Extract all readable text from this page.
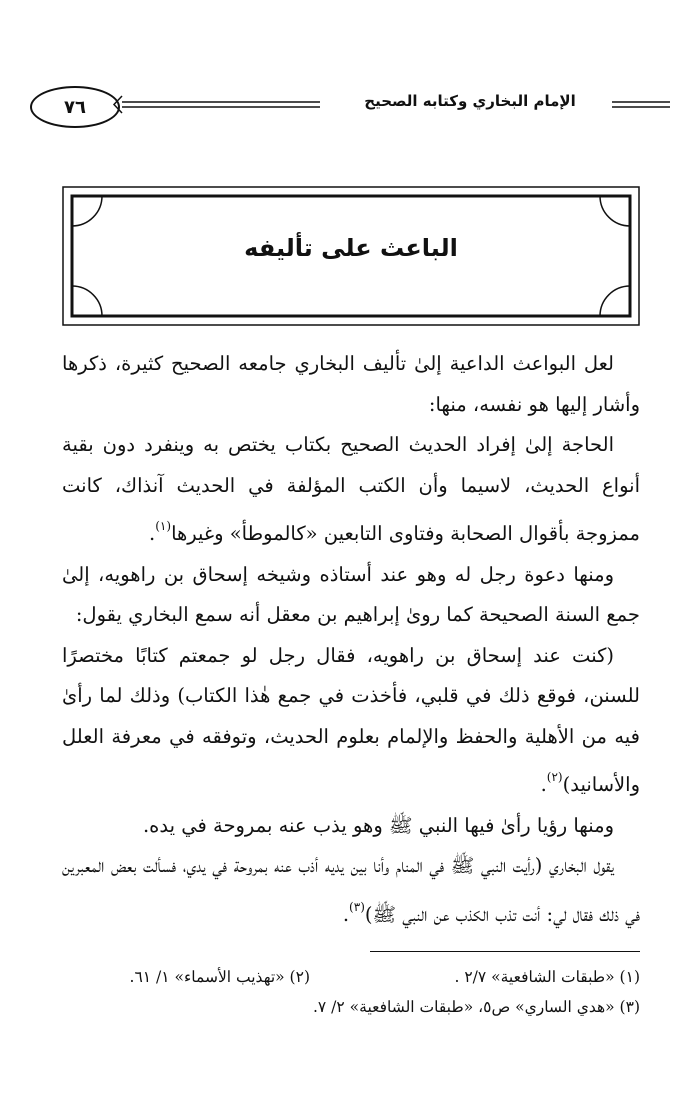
٧٦	الإمام البخاري وكتابه الصحيح
الباعث على تأليفه

لعل البواعث الداعية إلىٰ تأليف البخاري جامعه الصحيح كثيرة، ذكرها وأشار إليها هو نفسه، منها:

الحاجة إلىٰ إفراد الحديث الصحيح بكتاب يختص به وينفرد دون بقية أنواع الحديث، لاسيما وأن الكتب المؤلفة في الحديث آنذاك، كانت ممزوجة بأقوال الصحابة وفتاوى التابعين «كالموطأ» وغيرها$^{(١)}$.

ومنها دعوة رجل له وهو عند أستاذه وشيخه إسحاق بن راهويه، إلىٰ جمع السنة الصحيحة كما روىٰ إبراهيم بن معقل أنه سمع البخاري يقول:

(كنت عند إسحاق بن راهويه، فقال رجل لو جمعتم كتابًا مختصرًا للسنن، فوقع ذلك في قلبي، فأخذت في جمع هٰذا الكتاب) وذلك لما رأىٰ فيه من الأهلية والحفظ والإلمام بعلوم الحديث، وتوفقه في معرفة العلل والأسانيد)$^{(٢)}$.

ومنها رؤيا رأىٰ فيها النبي ﷺ وهو يذب عنه بمروحة في يده.

يقول البخاري (رأيت النبي ﷺ في المنام وأنا بين يديه أذب عنه بمروحة في يدي، فسألت بعض المعبرين في ذلك فقال لي: أنت تذب الكذب عن النبي ﷺ)$^{(٣)}$.

(١) «طبقات الشافعية» ٢/٧ .
(٢) «تهذيب الأسماء» ١/ ٦١.
(٣) «هدي الساري» ص٥، «طبقات الشافعية» ٢/ ٧.
